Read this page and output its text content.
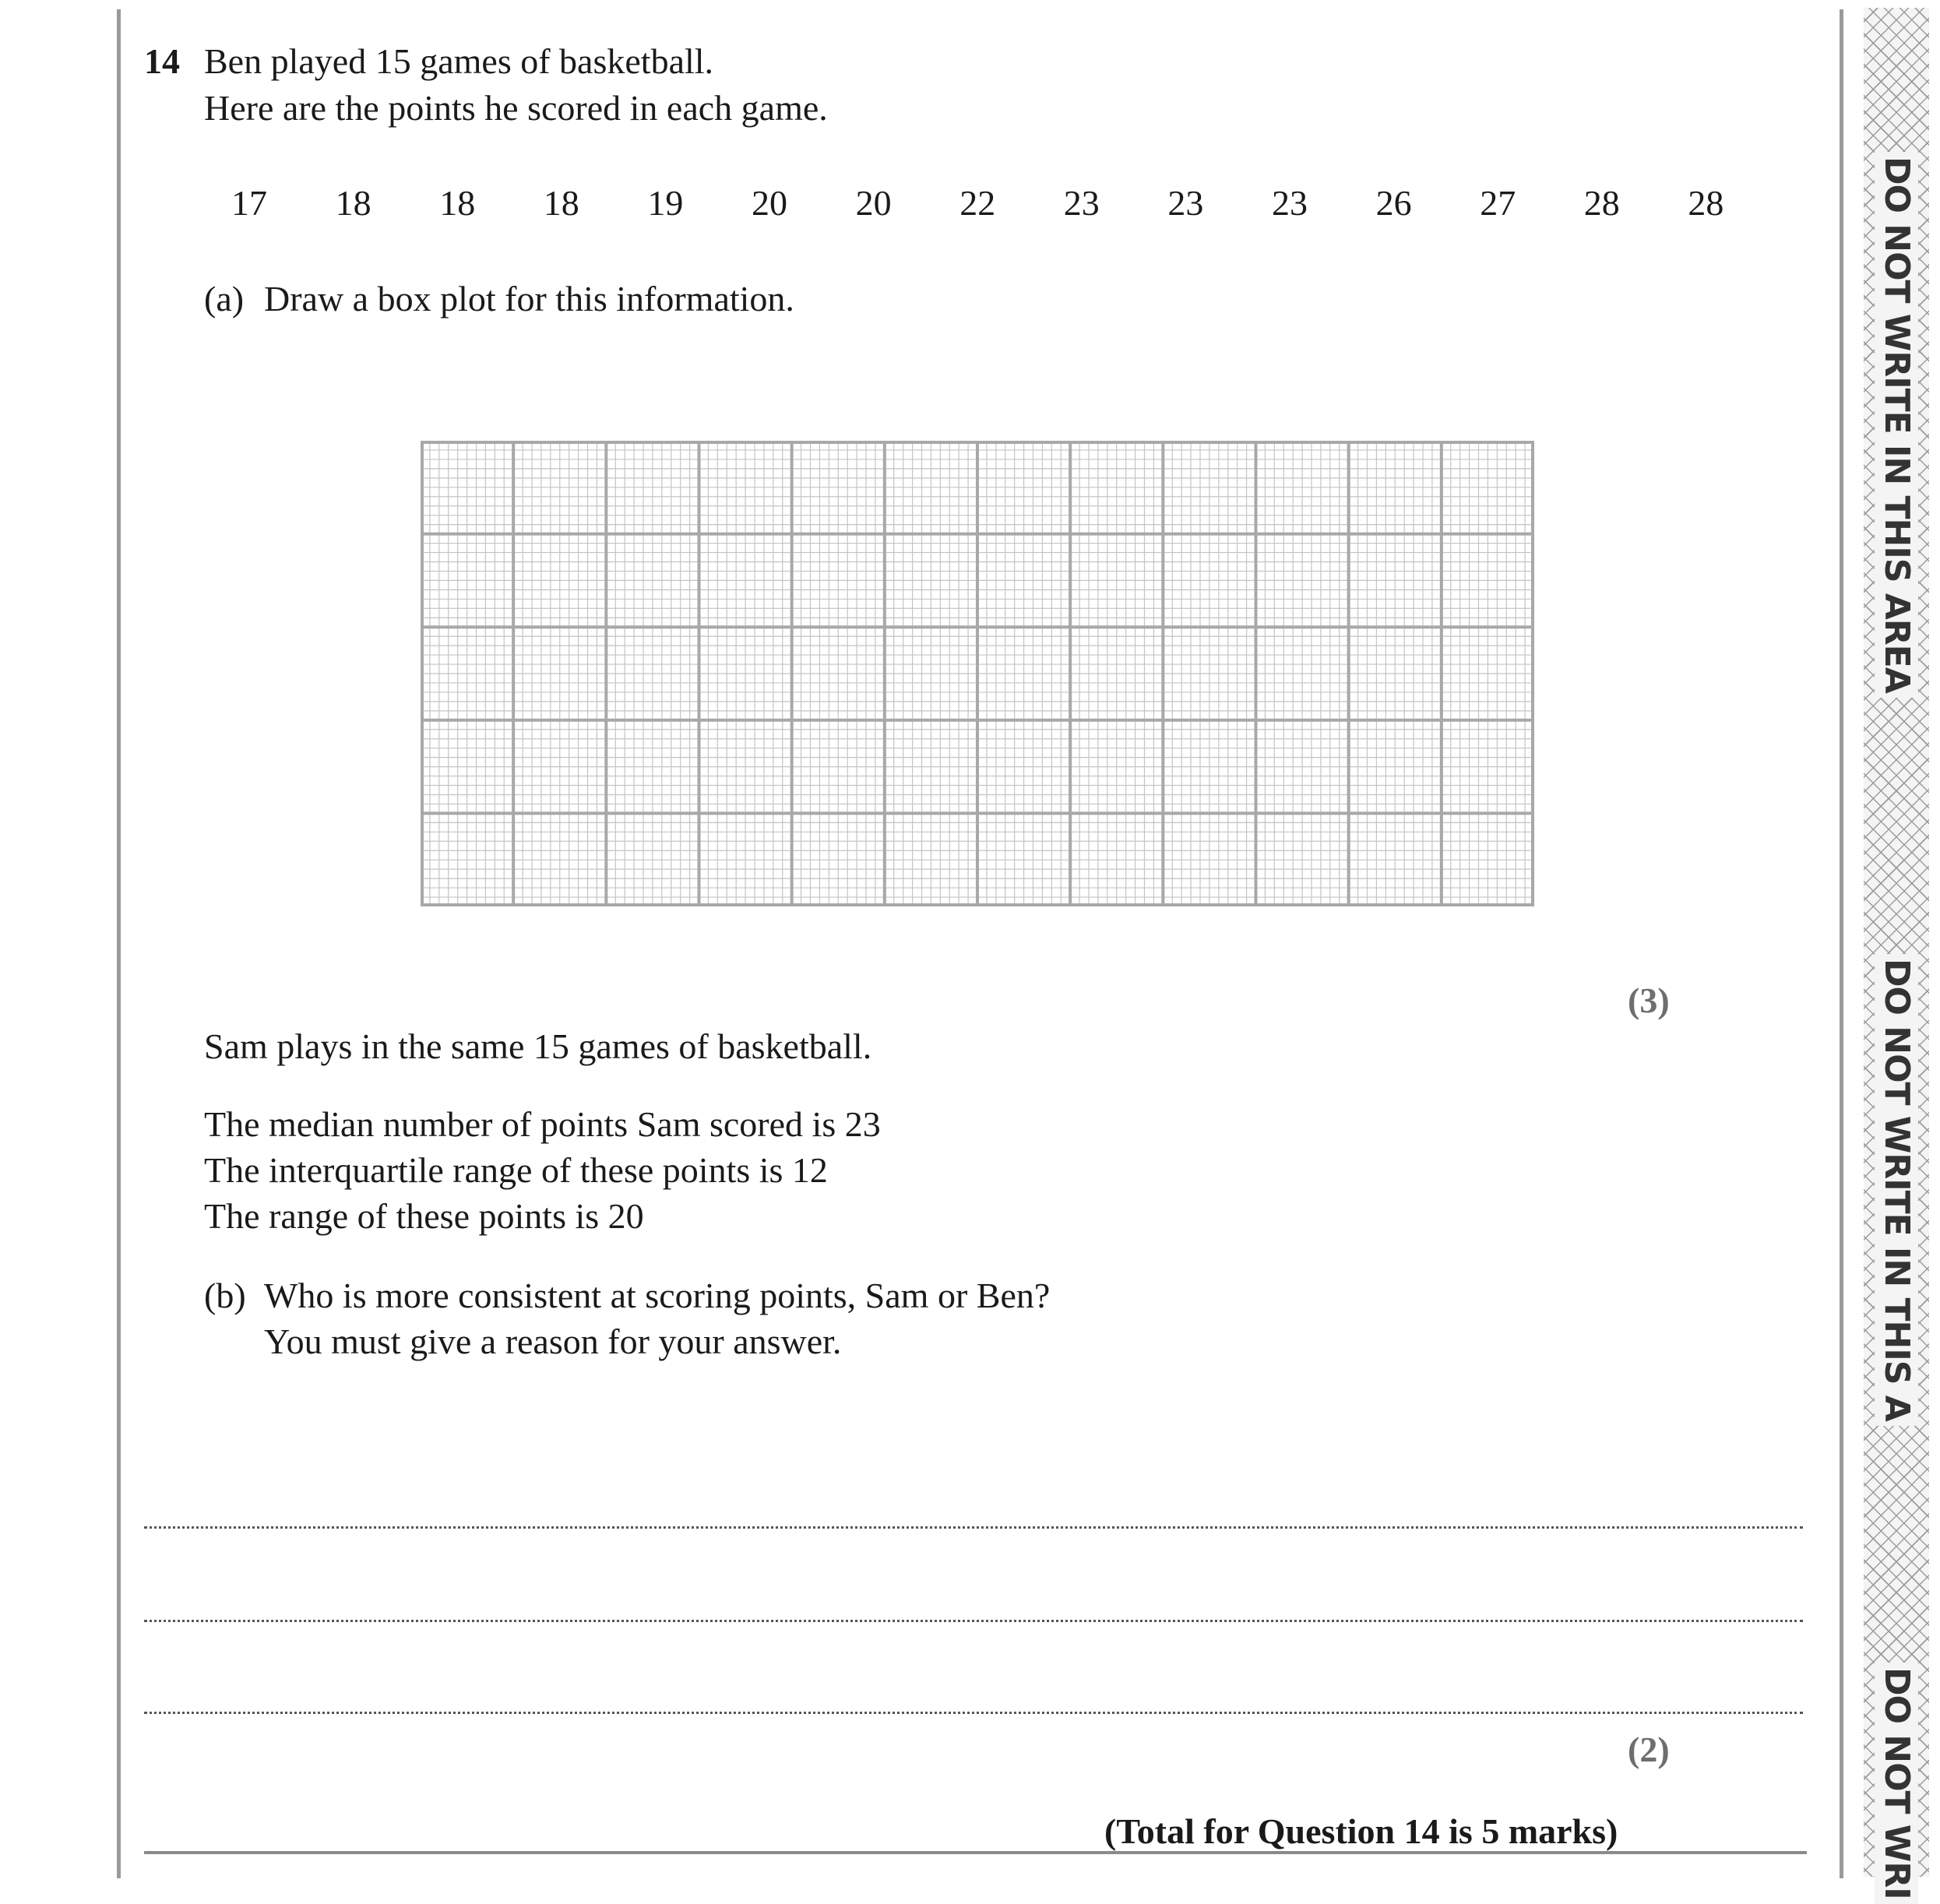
DO NOT WRITE IN THIS AREA
DO NOT WRITE IN THIS A
DO NOT WRI
14 Ben played 15 games of basketball.
Here are the points he scored in each game.
17 18 18 18 19 20 20 22 23 23 23 26 27 28 28
(a) Draw a box plot for this information.
(3)
Sam plays in the same 15 games of basketball.
The median number of points Sam scored is 23
The interquartile range of these points is 12
The range of these points is 20
(b) Who is more consistent at scoring points, Sam or Ben?
You must give a reason for your answer.
(2)
(Total for Question 14 is 5 marks)
